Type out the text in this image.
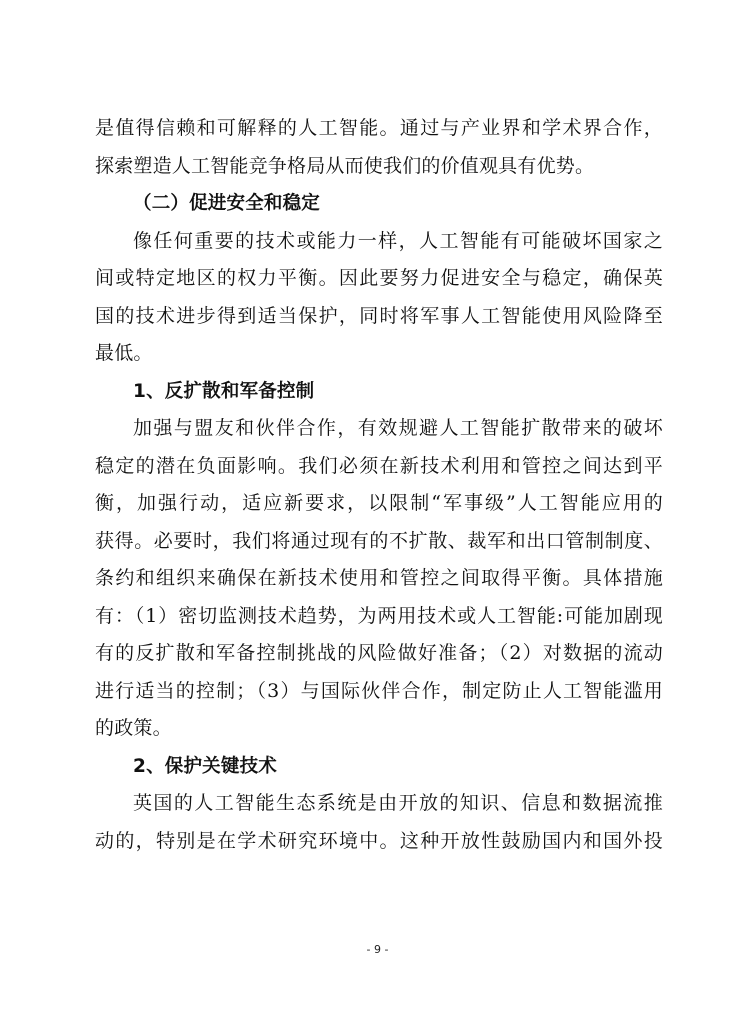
是值得信赖和可解释的人工智能。通过与产业界和学术界合作，
探索塑造人工智能竞争格局从而使我们的价值观具有优势。
（二）促进安全和稳定
像任何重要的技术或能力一样，人工智能有可能破坏国家之
间或特定地区的权力平衡。因此要努力促进安全与稳定，确保英
国的技术进步得到适当保护，同时将军事人工智能使用风险降至
最低。
1、反扩散和军备控制
加强与盟友和伙伴合作，有效规避人工智能扩散带来的破坏
稳定的潜在负面影响。我们必须在新技术利用和管控之间达到平
衡，加强行动，适应新要求，以限制“军事级”人工智能应用的
获得。必要时，我们将通过现有的不扩散、裁军和出口管制制度、
条约和组织来确保在新技术使用和管控之间取得平衡。具体措施
有：（1）密切监测技术趋势，为两用技术或人工智能:可能加剧现
有的反扩散和军备控制挑战的风险做好准备；（2）对数据的流动
进行适当的控制；（3）与国际伙伴合作，制定防止人工智能滥用
的政策。
2、保护关键技术
英国的人工智能生态系统是由开放的知识、信息和数据流推
动的，特别是在学术研究环境中。这种开放性鼓励国内和国外投
- 9 -
